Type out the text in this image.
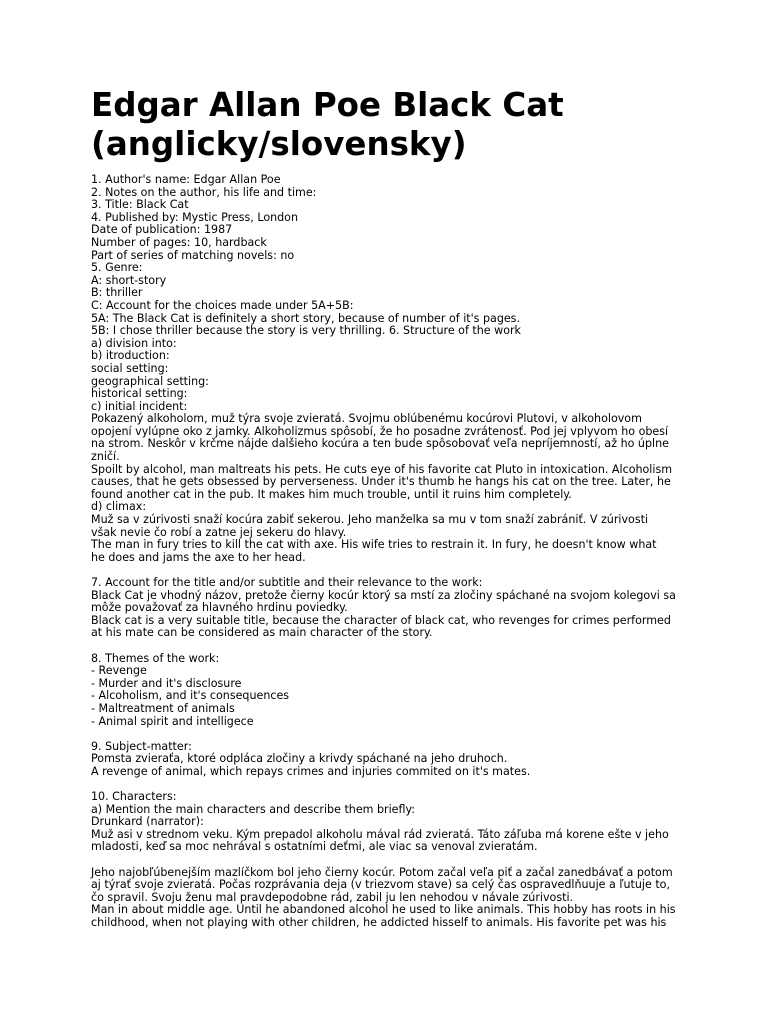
Edgar Allan Poe Black Cat
(anglicky/slovensky)
1. Author's name: Edgar Allan Poe
2. Notes on the author, his life and time:
3. Title: Black Cat
4. Published by: Mystic Press, London
Date of publication: 1987
Number of pages: 10, hardback
Part of series of matching novels: no
5. Genre:
A: short-story
B: thriller
C: Account for the choices made under 5A+5B:
5A: The Black Cat is definitely a short story, because of number of it's pages.
5B: I chose thriller because the story is very thrilling. 6. Structure of the work
a) division into:
b) itroduction:
social setting:
geographical setting:
historical setting:
c) initial incident:
Pokazený alkoholom, muž týra svoje zvieratá. Svojmu oblúbenému kocúrovi Plutovi, v alkoholovom
opojení vylúpne oko z jamky. Alkoholizmus spôsobí, že ho posadne zvrátenosť. Pod jej vplyvom ho obesí
na strom. Neskôr v krčme nájde dalšieho kocúra a ten bude spôsobovať veľa nepríjemností, až ho úplne
zničí.
Spoilt by alcohol, man maltreats his pets. He cuts eye of his favorite cat Pluto in intoxication. Alcoholism
causes, that he gets obsessed by perverseness. Under it's thumb he hangs his cat on the tree. Later, he
found another cat in the pub. It makes him much trouble, until it ruins him completely.
d) climax:
Muž sa v zúrivosti snaží kocúra zabiť sekerou. Jeho manželka sa mu v tom snaží zabrániť. V zúrivosti
však nevie čo robí a zatne jej sekeru do hlavy.
The man in fury tries to kill the cat with axe. His wife tries to restrain it. In fury, he doesn't know what
he does and jams the axe to her head.
7. Account for the title and/or subtitle and their relevance to the work:
Black Cat je vhodný názov, pretože čierny kocúr ktorý sa mstí za zločiny spáchané na svojom kolegovi sa
môže považovať za hlavného hrdinu poviedky.
Black cat is a very suitable title, because the character of black cat, who revenges for crimes performed
at his mate can be considered as main character of the story.
8. Themes of the work:
- Revenge
- Murder and it's disclosure
- Alcoholism, and it's consequences
- Maltreatment of animals
- Animal spirit and intelligece
9. Subject-matter:
Pomsta zvieraťa, ktoré odpláca zločiny a krivdy spáchané na jeho druhoch.
A revenge of animal, which repays crimes and injuries commited on it's mates.
10. Characters:
a) Mention the main characters and describe them briefly:
Drunkard (narrator):
Muž asi v strednom veku. Kým prepadol alkoholu mával rád zvieratá. Táto záľuba má korene ešte v jeho
mladosti, keď sa moc nehrával s ostatními deťmi, ale viac sa venoval zvieratám.
Jeho najobľúbenejším mazlíčkom bol jeho čierny kocúr. Potom začal veľa piť a začal zanedbávať a potom
aj týrať svoje zvieratá. Počas rozprávania deja (v triezvom stave) sa celý čas ospravedlňuuje a ľutuje to,
čo spravil. Svoju ženu mal pravdepodobne rád, zabil ju len nehodou v návale zúrivosti.
Man in about middle age. Until he abandoned alcohol he used to like animals. This hobby has roots in his
childhood, when not playing with other children, he addicted hisself to animals. His favorite pet was his
